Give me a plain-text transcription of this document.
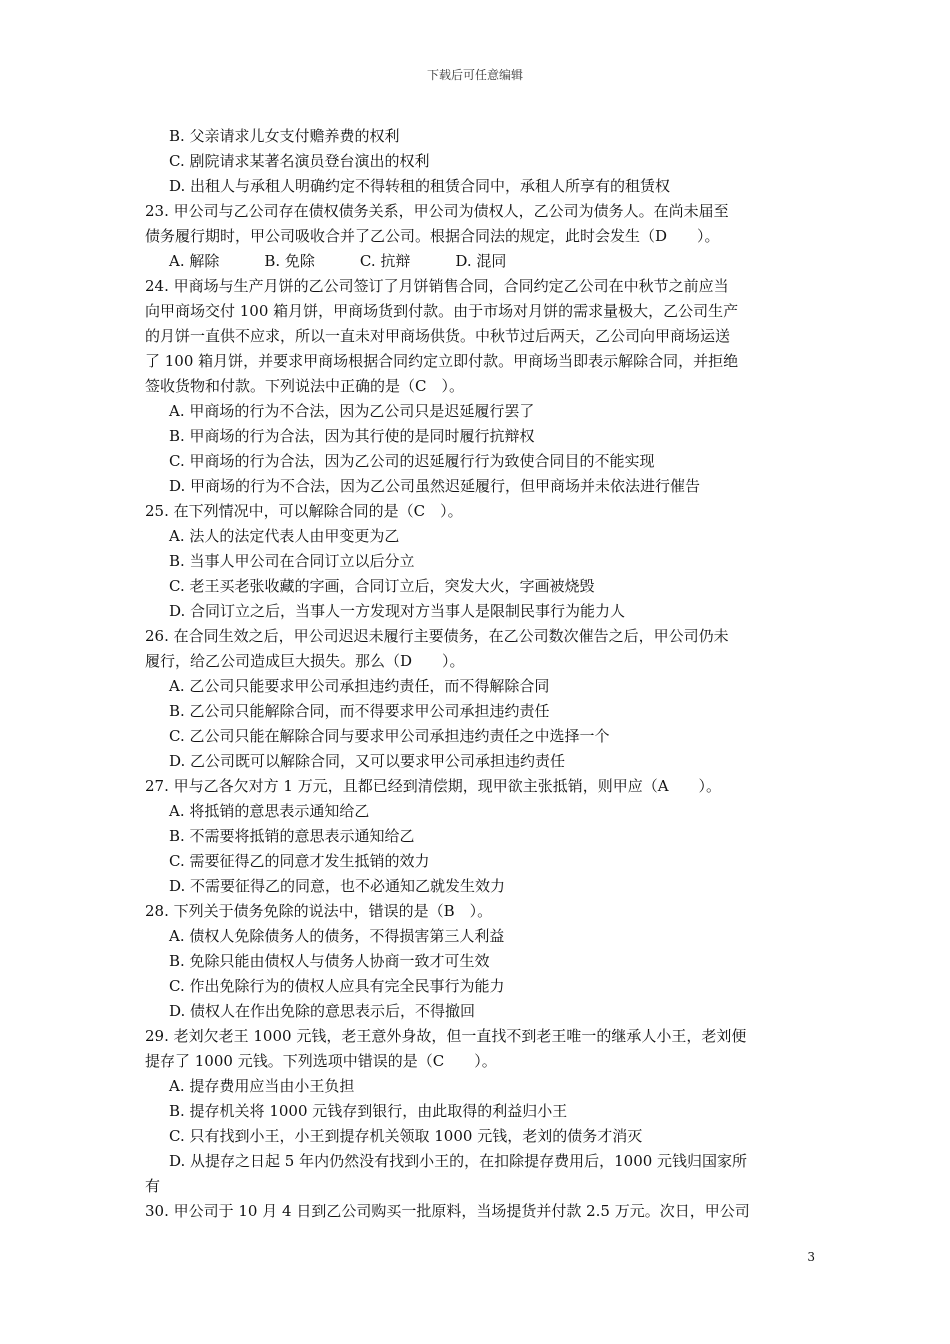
下载后可任意编辑
B. 父亲请求儿女支付赡养费的权利
C. 剧院请求某著名演员登台演出的权利
D. 出租人与承租人明确约定不得转租的租赁合同中，承租人所享有的租赁权
23. 甲公司与乙公司存在债权债务关系，甲公司为债权人，乙公司为债务人。在尚未届至
债务履行期时，甲公司吸收合并了乙公司。根据合同法的规定，此时会发生（D　　）。
A. 解除　　　B. 免除　　　C. 抗辩　　　D. 混同
24. 甲商场与生产月饼的乙公司签订了月饼销售合同，合同约定乙公司在中秋节之前应当
向甲商场交付 100 箱月饼，甲商场货到付款。由于市场对月饼的需求量极大，乙公司生产
的月饼一直供不应求，所以一直未对甲商场供货。中秋节过后两天，乙公司向甲商场运送
了 100 箱月饼，并要求甲商场根据合同约定立即付款。甲商场当即表示解除合同，并拒绝
签收货物和付款。下列说法中正确的是（C　）。
A. 甲商场的行为不合法，因为乙公司只是迟延履行罢了
B. 甲商场的行为合法，因为其行使的是同时履行抗辩权
C. 甲商场的行为合法，因为乙公司的迟延履行行为致使合同目的不能实现
D. 甲商场的行为不合法，因为乙公司虽然迟延履行，但甲商场并未依法进行催告
25. 在下列情况中，可以解除合同的是（C　）。
A. 法人的法定代表人由甲变更为乙
B. 当事人甲公司在合同订立以后分立
C. 老王买老张收藏的字画，合同订立后，突发大火，字画被烧毁
D. 合同订立之后，当事人一方发现对方当事人是限制民事行为能力人
26. 在合同生效之后，甲公司迟迟未履行主要债务，在乙公司数次催告之后，甲公司仍未
履行，给乙公司造成巨大损失。那么（D　　）。
A. 乙公司只能要求甲公司承担违约责任，而不得解除合同
B. 乙公司只能解除合同，而不得要求甲公司承担违约责任
C. 乙公司只能在解除合同与要求甲公司承担违约责任之中选择一个
D. 乙公司既可以解除合同，又可以要求甲公司承担违约责任
27. 甲与乙各欠对方 1 万元，且都已经到清偿期，现甲欲主张抵销，则甲应（A　　）。
A. 将抵销的意思表示通知给乙
B. 不需要将抵销的意思表示通知给乙
C. 需要征得乙的同意才发生抵销的效力
D. 不需要征得乙的同意，也不必通知乙就发生效力
28. 下列关于债务免除的说法中，错误的是（B　）。
A. 债权人免除债务人的债务，不得损害第三人利益
B. 免除只能由债权人与债务人协商一致才可生效
C. 作出免除行为的债权人应具有完全民事行为能力
D. 债权人在作出免除的意思表示后，不得撤回
29. 老刘欠老王 1000 元钱，老王意外身故，但一直找不到老王唯一的继承人小王，老刘便
提存了 1000 元钱。下列选项中错误的是（C　　）。
A. 提存费用应当由小王负担
B. 提存机关将 1000 元钱存到银行，由此取得的利益归小王
C. 只有找到小王，小王到提存机关领取 1000 元钱，老刘的债务才消灭
D. 从提存之日起 5 年内仍然没有找到小王的，在扣除提存费用后，1000 元钱归国家所
有
30. 甲公司于 10 月 4 日到乙公司购买一批原料，当场提货并付款 2.5 万元。次日，甲公司
3
